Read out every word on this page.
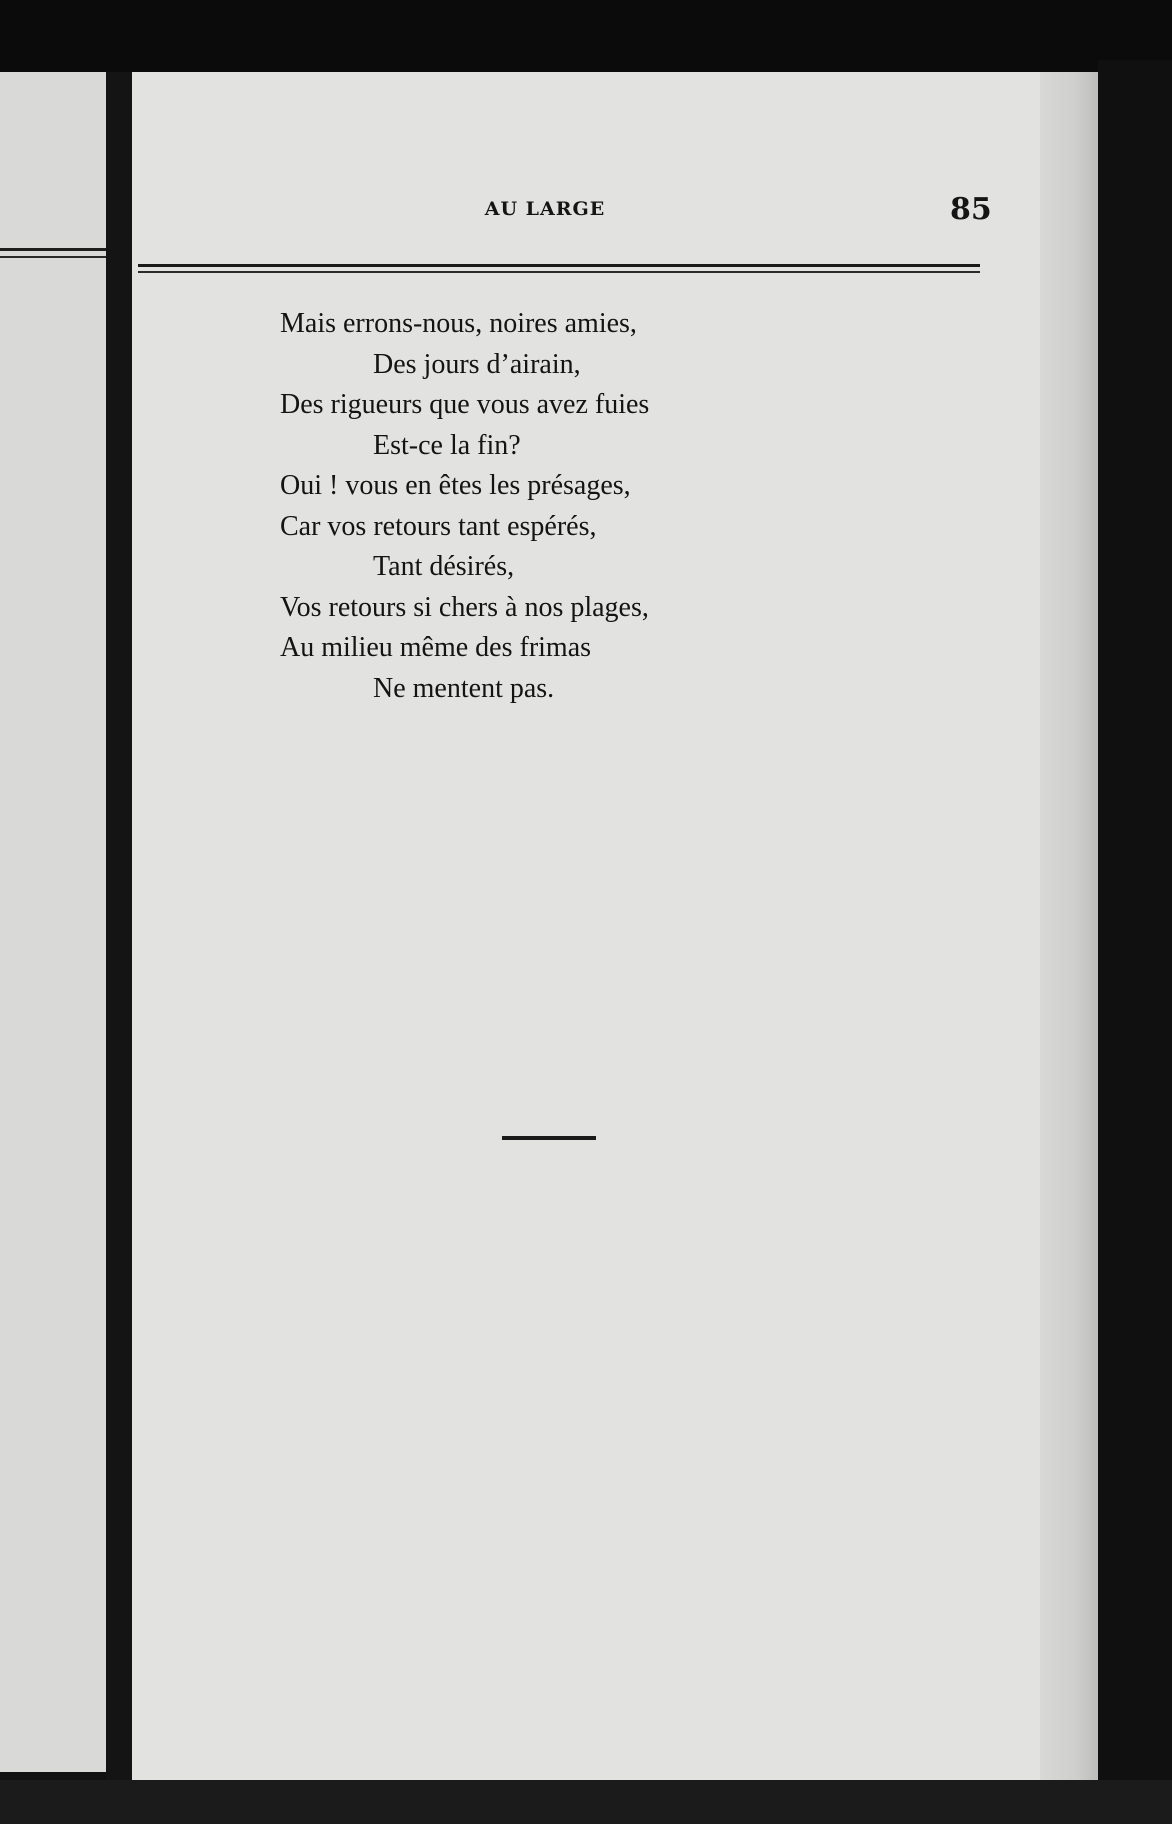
AU LARGE	85
Mais errons-nous, noires amies,
Des jours d’airain,
Des rigueurs que vous avez fuies
Est-ce la fin?
Oui ! vous en êtes les présages,
Car vos retours tant espérés,
Tant désirés,
Vos retours si chers à nos plages,
Au milieu même des frimas
Ne mentent pas.
